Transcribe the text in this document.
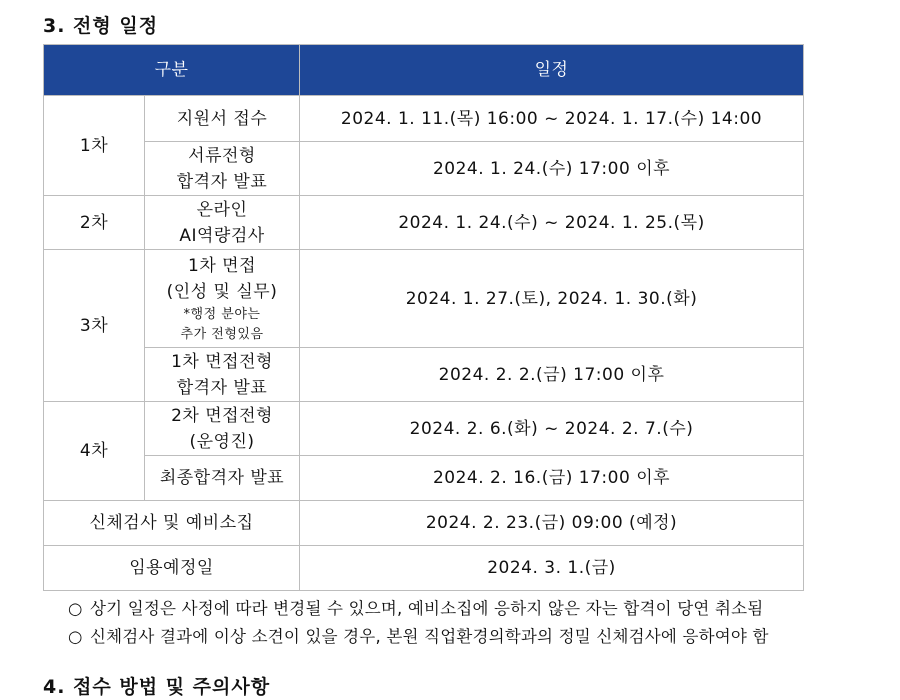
3. 전형 일정
구분		일정
1차	지원서 접수	2024. 1. 11.(목) 16:00 ~ 2024. 1. 17.(수) 14:00

	서류전형
합격자 발표	2024. 1. 24.(수) 17:00 이후
2차	온라인
AI역량검사	2024. 1. 24.(수) ~ 2024. 1. 25.(목)
3차	1차 면접
(인성 및 실무)
*행정 분야는
추가 전형있음	2024. 1. 27.(토), 2024. 1. 30.(화)

	1차 면접전형
합격자 발표	2024. 2. 2.(금) 17:00 이후
4차	2차 면접전형
(운영진)	2024. 2. 6.(화) ~ 2024. 2. 7.(수)
	최종합격자 발표	2024. 2. 16.(금) 17:00 이후
신체검사 및 예비소집		2024. 2. 23.(금) 09:00 (예정)
임용예정일		2024. 3. 1.(금)
○ 상기 일정은 사정에 따라 변경될 수 있으며, 예비소집에 응하지 않은 자는 합격이 당연 취소됨
○ 신체검사 결과에 이상 소견이 있을 경우, 본원 직업환경의학과의 정밀 신체검사에 응하여야 함
4. 접수 방법 및 주의사항
